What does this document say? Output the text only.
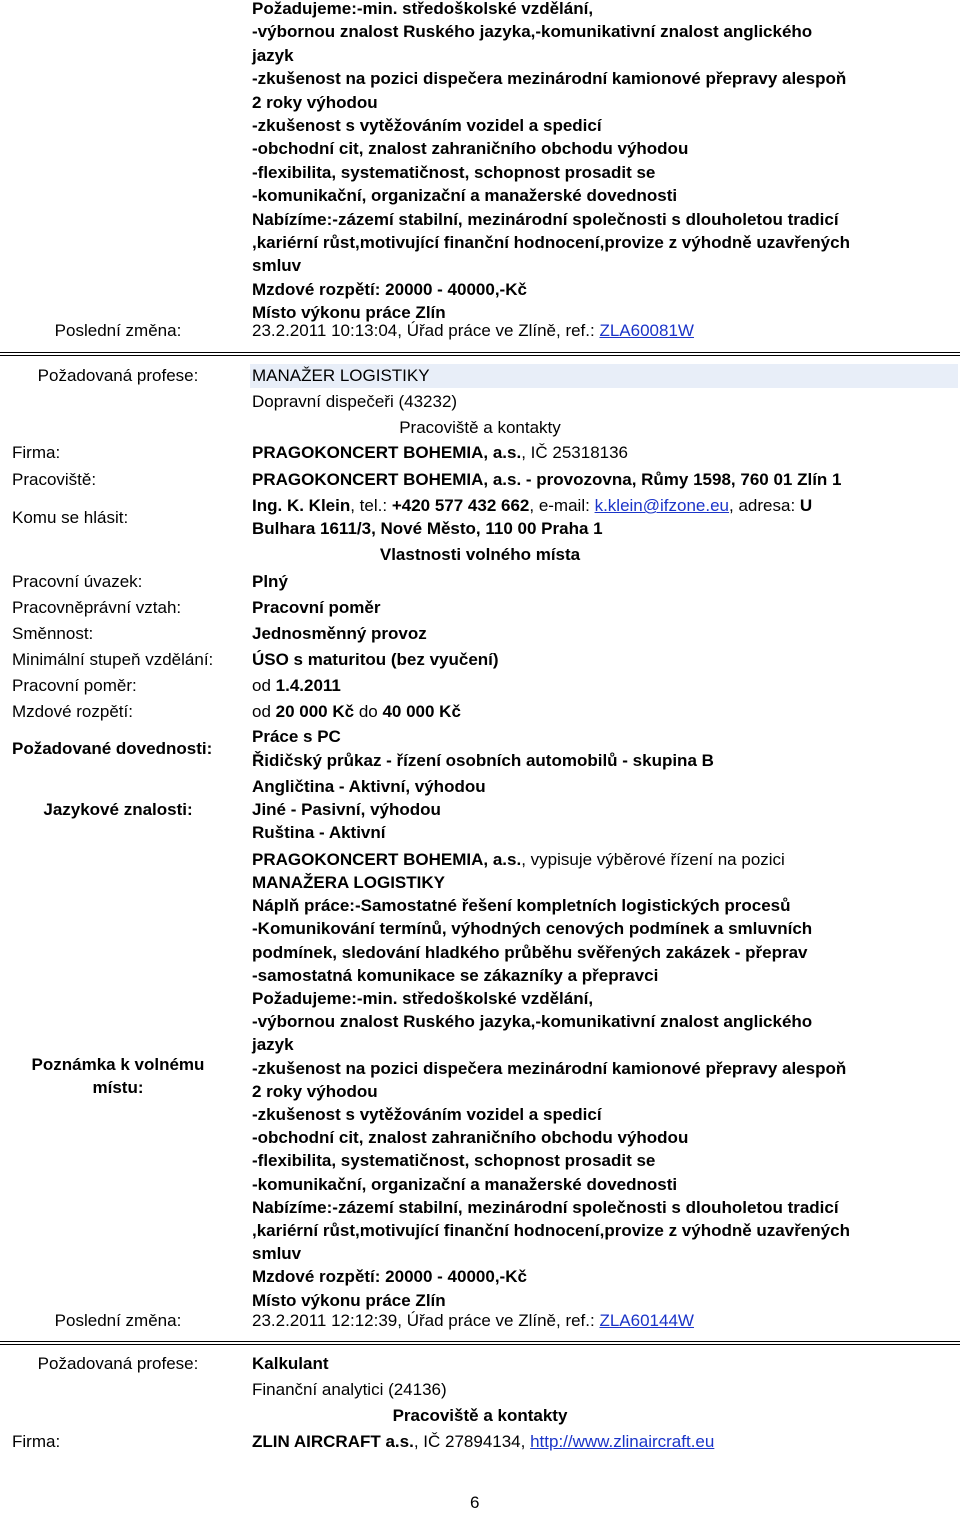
Požadujeme:-min. středoškolské vzdělání,
-výbornou znalost Ruského jazyka,-komunikativní znalost anglického
jazyk
-zkušenost na pozici dispečera mezinárodní kamionové přepravy alespoň
2 roky výhodou
-zkušenost s vytěžováním vozidel a spedicí
-obchodní cit, znalost zahraničního obchodu výhodou
-flexibilita, systematičnost, schopnost prosadit se
-komunikační, organizační a manažerské dovednosti
Nabízíme:-zázemí stabilní, mezinárodní společnosti s dlouholetou tradicí
,kariérní růst,motivující finanční hodnocení,provize z výhodně uzavřených
smluv
Mzdové rozpětí: 20000 - 40000,-Kč
Místo výkonu práce Zlín
Poslední změna:	23.2.2011 10:13:04, Úřad práce ve Zlíně, ref.: ZLA60081W
Požadovaná profese:	MANAŽER LOGISTIKY
Dopravní dispečeři (43232)
Pracoviště a kontakty
Firma:	PRAGOKONCERT BOHEMIA, a.s., IČ 25318136
Pracoviště:	PRAGOKONCERT BOHEMIA, a.s. - provozovna, Růmy 1598, 760 01 Zlín 1
Komu se hlásit:
Ing. K. Klein, tel.: +420 577 432 662, e-mail: k.klein@ifzone.eu, adresa: U
Bulhara 1611/3, Nové Město, 110 00 Praha 1
Vlastnosti volného místa
Pracovní úvazek:	Plný
Pracovněprávní vztah:	Pracovní poměr
Směnnost:	Jednosměnný provoz
Minimální stupeň vzdělání: ÚSO s maturitou (bez vyučení)
Pracovní poměr:	od 1.4.2011
Mzdové rozpětí:	od 20 000 Kč do 40 000 Kč
Požadované dovednosti:
Práce s PC
Řidičský průkaz - řízení osobních automobilů - skupina B
Jazykové znalosti:
Angličtina - Aktivní, výhodou
Jiné - Pasivní, výhodou
Ruština - Aktivní
Poznámka k volnému
místu:
PRAGOKONCERT BOHEMIA, a.s., vypisuje výběrové řízení na pozici
MANAŽERA LOGISTIKY
Náplň práce:-Samostatné řešení kompletních logistických procesů
-Komunikování termínů, výhodných cenových podmínek a smluvních
podmínek, sledování hladkého průběhu svěřených zakázek - přeprav
-samostatná komunikace se zákazníky a přepravci
Požadujeme:-min. středoškolské vzdělání,
-výbornou znalost Ruského jazyka,-komunikativní znalost anglického
jazyk
-zkušenost na pozici dispečera mezinárodní kamionové přepravy alespoň
2 roky výhodou
-zkušenost s vytěžováním vozidel a spedicí
-obchodní cit, znalost zahraničního obchodu výhodou
-flexibilita, systematičnost, schopnost prosadit se
-komunikační, organizační a manažerské dovednosti
Nabízíme:-zázemí stabilní, mezinárodní společnosti s dlouholetou tradicí
,kariérní růst,motivující finanční hodnocení,provize z výhodně uzavřených
smluv
Mzdové rozpětí: 20000 - 40000,-Kč
Místo výkonu práce Zlín
Poslední změna:	23.2.2011 12:12:39, Úřad práce ve Zlíně, ref.: ZLA60144W
Požadovaná profese:	Kalkulant
Finanční analytici (24136)
Pracoviště a kontakty
Firma:	ZLIN AIRCRAFT a.s., IČ 27894134, http://www.zlinaircraft.eu
6
